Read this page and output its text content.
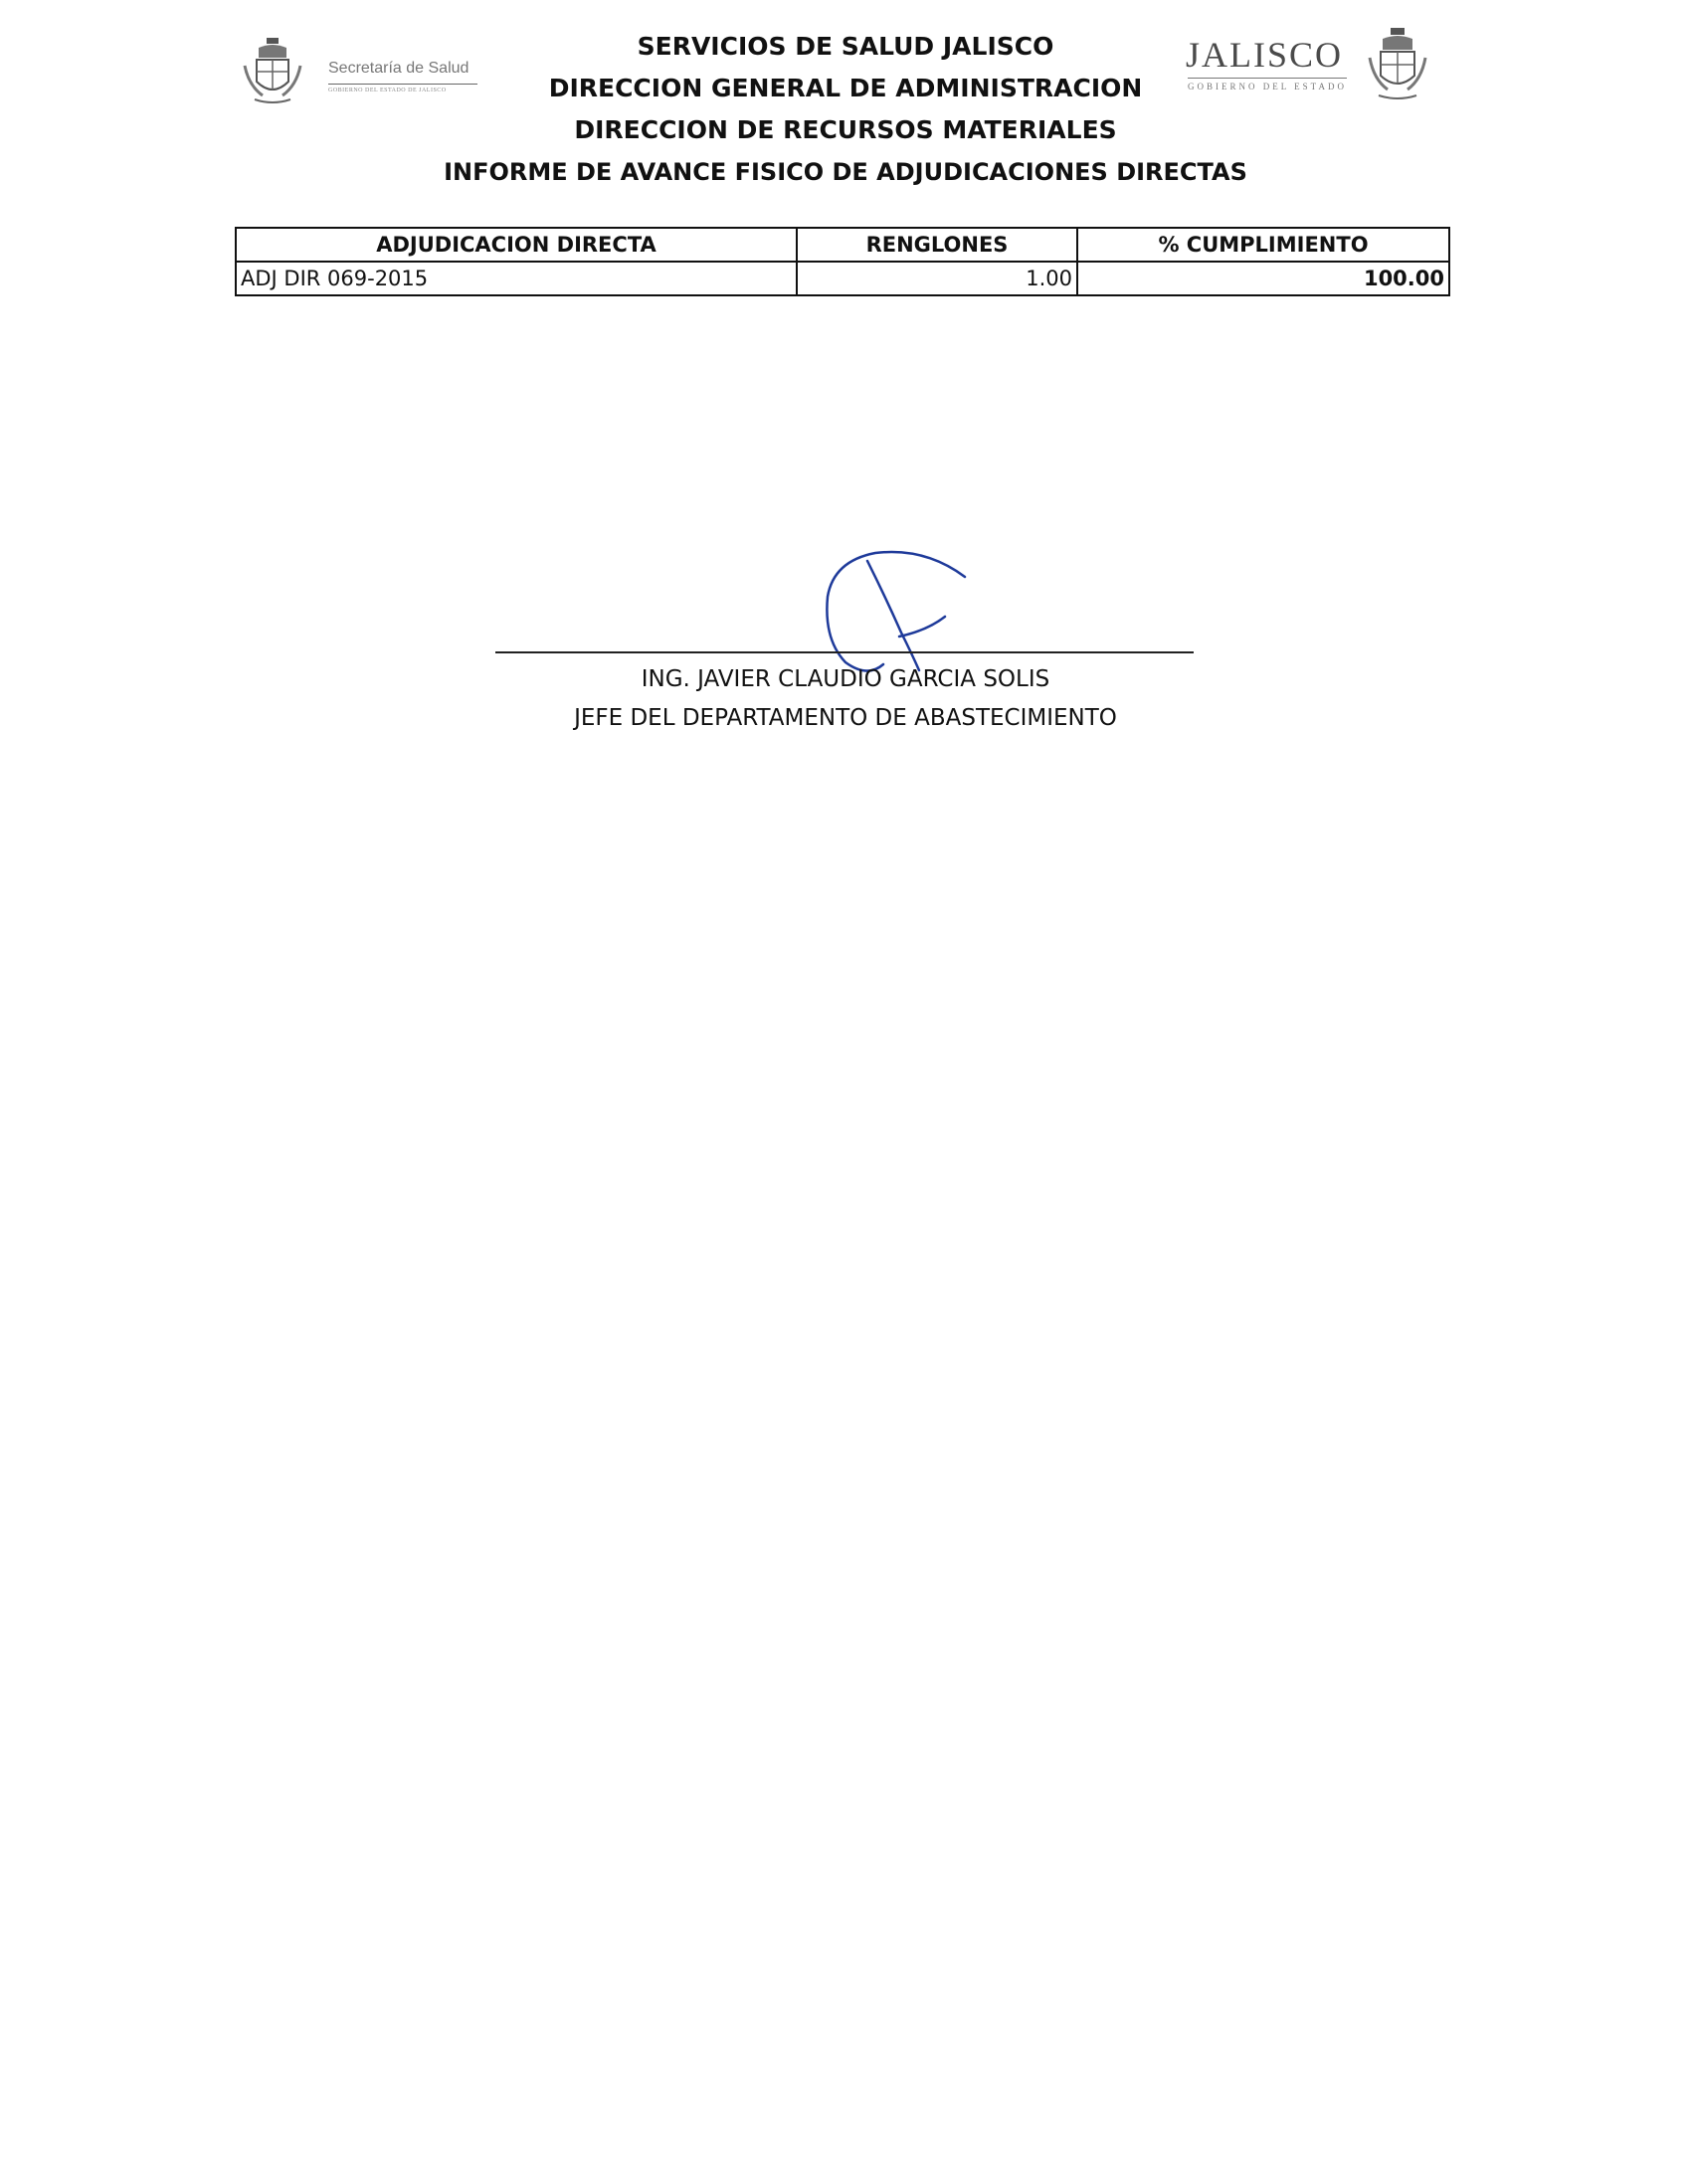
Secretaría de Salud
GOBIERNO DEL ESTADO DE JALISCO
SERVICIOS DE SALUD JALISCO
DIRECCION GENERAL DE ADMINISTRACION
DIRECCION DE RECURSOS MATERIALES
INFORME DE AVANCE FISICO DE ADJUDICACIONES DIRECTAS
JALISCO
GOBIERNO DEL ESTADO
ADJUDICACION DIRECTA	RENGLONES	% CUMPLIMIENTO
ADJ DIR 069-2015	1.00	100.00
ING. JAVIER CLAUDIO GARCIA SOLIS
JEFE DEL DEPARTAMENTO DE ABASTECIMIENTO
